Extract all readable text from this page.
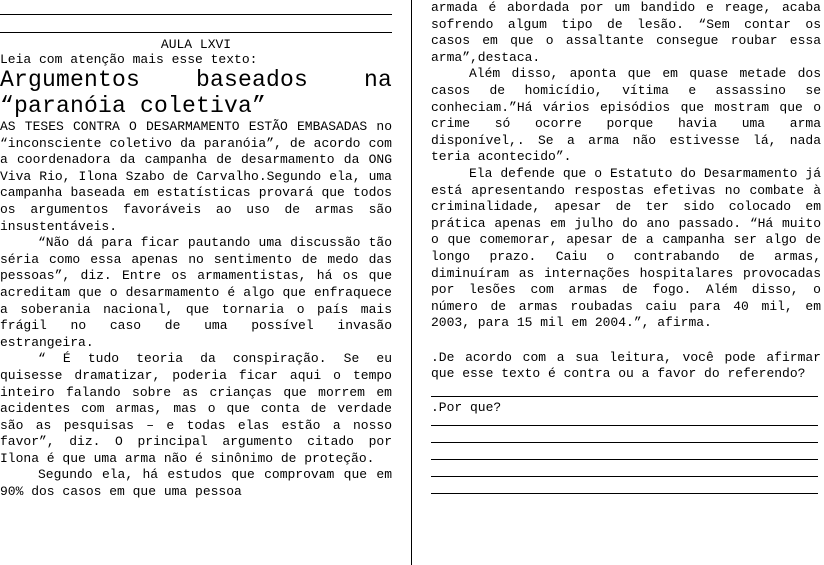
AULA LXVI
Leia com atenção mais esse texto:
Argumentos baseados na
“paranóia coletiva”

AS TESES CONTRA O DESARMAMENTO ESTÃO EMBASADAS no “inconsciente coletivo da paranóia”, de acordo com a coordenadora da campanha de desarmamento da ONG Viva Rio, Ilona Szabo de Carvalho.Segundo ela, uma campanha baseada em estatísticas provará que todos os argumentos favoráveis ao uso de armas são insustentáveis.

“Não dá para ficar pautando uma discussão tão séria como essa apenas no sentimento de medo das pessoas”, diz. Entre os armamentistas, há os que acreditam que o desarmamento é algo que enfraquece a soberania nacional, que tornaria o país mais frágil no caso de uma possível invasão estrangeira.

“ É tudo teoria da conspiração. Se eu quisesse dramatizar, poderia ficar aqui o tempo inteiro falando sobre as crianças que morrem em acidentes com armas, mas o que conta de verdade são as pesquisas – e todas elas estão a nosso favor”, diz. O principal argumento citado por Ilona é que uma arma não é sinônimo de proteção.

Segundo ela, há estudos que comprovam que em 90% dos casos em que uma pessoa

armada é abordada por um bandido e reage, acaba sofrendo algum tipo de lesão. “Sem contar os casos em que o assaltante consegue roubar essa arma”,destaca.

Além disso, aponta que em quase metade dos casos de homicídio, vítima e assassino se conheciam.”Há vários episódios que mostram que o crime só ocorre porque havia uma arma disponível,. Se a arma não estivesse lá, nada teria acontecido”.

Ela defende que o Estatuto do Desarmamento já está apresentando respostas efetivas no combate à criminalidade, apesar de ter sido colocado em prática apenas em julho do ano passado. “Há muito o que comemorar, apesar de a campanha ser algo de longo prazo. Caiu o contrabando de armas, diminuíram as internações hospitalares provocadas por lesões com armas de fogo. Além disso, o número de armas roubadas caiu para 40 mil, em 2003, para 15 mil em 2004.”, afirma.

.De acordo com a sua leitura, você pode afirmar que esse texto é contra ou a favor do referendo?

.Por que?
